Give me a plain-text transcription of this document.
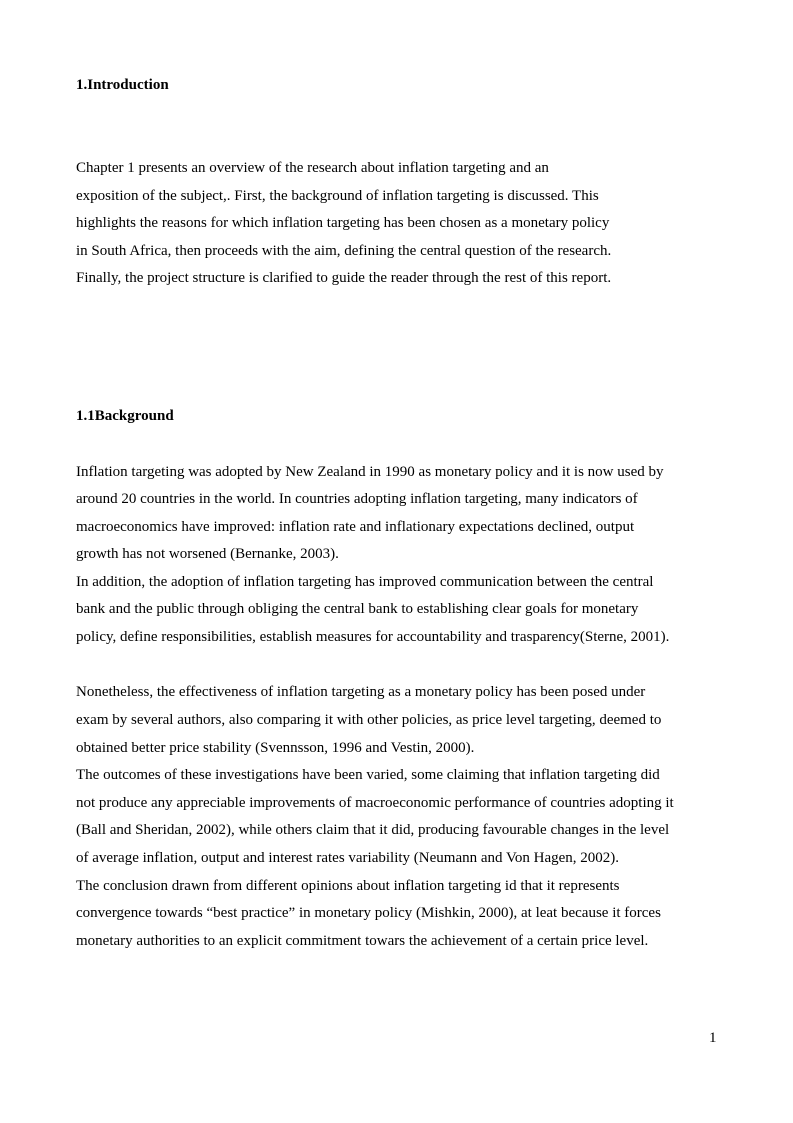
1.Introduction

Chapter 1 presents an overview of the research about inflation targeting and an

exposition of the subject,. First, the background of inflation targeting is discussed. This

highlights the reasons for which inflation targeting has been chosen as a monetary policy

in South Africa, then proceeds with the aim, defining the central question of the research.

Finally, the project structure is clarified to guide the reader through the rest of this report.

1.1Background

Inflation targeting was adopted by New Zealand in 1990 as monetary policy and it is now used by

around 20 countries in the world. In countries adopting inflation targeting, many indicators of

macroeconomics have improved: inflation rate and inflationary expectations declined, output

growth has not worsened (Bernanke, 2003).

In addition, the adoption of inflation targeting has improved communication between the central

bank and the public through obliging the central bank to establishing clear goals for monetary

policy, define responsibilities, establish measures for accountability and trasparency(Sterne, 2001).

Nonetheless, the effectiveness of inflation targeting as a monetary policy has been posed under

exam by several authors, also comparing it with other policies, as price level targeting, deemed to

obtained better price stability (Svennsson, 1996 and Vestin, 2000).

The outcomes of these investigations have been varied, some claiming that inflation targeting did

not produce any appreciable improvements of macroeconomic performance of countries adopting it

(Ball and Sheridan, 2002), while others claim that it did, producing favourable changes in the level

of average inflation, output and interest rates variability (Neumann and Von Hagen, 2002).

The conclusion drawn from different opinions about inflation targeting id that it represents

convergence towards “best practice” in monetary policy (Mishkin, 2000), at leat because it forces

monetary authorities to an explicit commitment towars the achievement of a certain price level.

1
